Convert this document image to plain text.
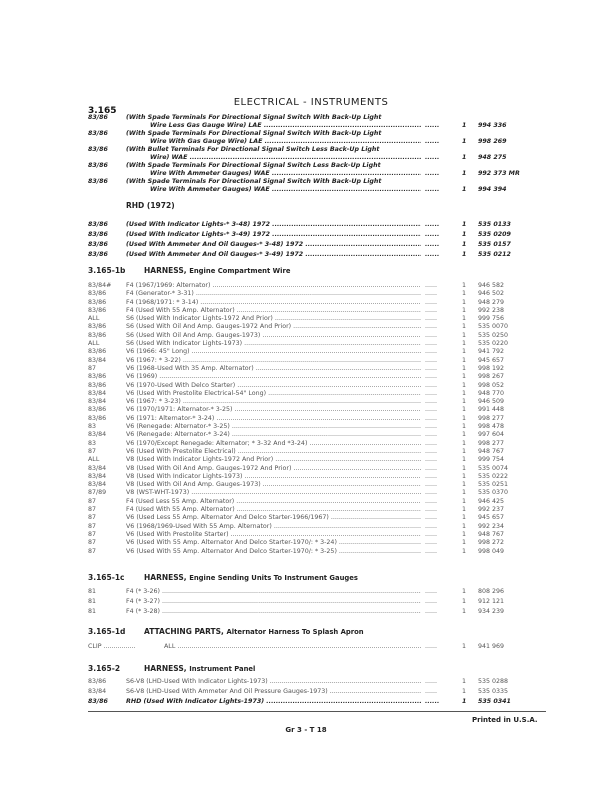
3.165
ELECTRICAL - INSTRUMENTS
83/86	(With Spade Terminals For Directional Signal Switch With Back-Up Light
Wire Less Gas Gauge Wire) LAE .....	......	1 994 336
83/86	(With Spade Terminals For Directional Signal Switch With Back-Up Light
Wire With Gas Gauge Wire) LAE .....	......	1 998 269
83/86	(With Bullet Terminals For Directional Signal Switch Less Back-Up Light
Wire) WAE .....	......	1 948 275
83/86	(With Spade Terminals For Directional Signal Switch Less Back-Up Light
Wire With Ammeter Gauges) WAE .....	......	1 992 373 MR
83/86	(With Spade Terminals For Directional Signal Switch With Back-Up Light
Wire With Ammeter Gauges) WAE .....	......	1 994 394
RHD (1972)
83/86	(Used With Indicator Lights-* 3-48) 1972 .....	......	1 535 0133
83/86	(Used With Indicator Lights-* 3-49) 1972 .....	......	1 535 0209
83/86	(Used With Ammeter And Oil Gauges-* 3-48) 1972 .....	......	1 535 0157
83/86	(Used With Ammeter And Oil Gauges-* 3-49) 1972 .....	......	1 535 0212
3.165-1b HARNESS, Engine Compartment Wire
83/84#	F4 (1967/1969: Alternator) .....	......	1 946 582
83/86	F4 (Generator-* 3-31) .....	......	1 946 502
83/86	F4 (1968/1971: * 3-14) .....	......	1 948 279
83/86	F4 (Used With 55 Amp. Alternator) .....	......	1 992 238
ALL	S6 (Used With Indicator Lights-1972 And Prior) .....	......	1 999 756
83/86	S6 (Used With Oil And Amp. Gauges-1972 And Prior) .....	......	1 535 0070
83/86	S6 (Used With Oil And Amp. Gauges-1973) .....	......	1 535 0250
ALL	S6 (Used With Indicator Lights-1973) .....	......	1 535 0220
83/86	V6 (1966: 45" Long) .....	......	1 941 792
83/84	V6 (1967: * 3-22) .....	......	1 945 657
87	V6 (1968-Used With 35 Amp. Alternator) .....	......	1 998 192
83/86	V6 (1969) .....	......	1 998 267
83/86	V6 (1970-Used With Delco Starter) .....	......	1 998 052
83/84	V6 (Used With Prestolite Electrical-54" Long) .....	......	1 948 770
83/84	V6 (1967: * 3-23) .....	......	1 946 509
83/86	V6 (1970/1971: Alternator-* 3-25) .....	......	1 991 448
83/86	V6 (1971: Alternator-* 3-24) .....	......	1 998 277
83	V6 (Renegade: Alternator-* 3-25) .....	......	1 998 478
83/84	V6 (Renegade: Alternator-* 3-24) .....	......	1 997 604
83	V6 (1970/Except Renegade: Alternator; * 3-32 And *3-24) .....	......	1 998 277
87	V6 (Used With Prestolite Electrical) .....	......	1 948 767
ALL	V8 (Used With Indicator Lights-1972 And Prior) .....	......	1 999 754
83/84	V8 (Used With Oil And Amp. Gauges-1972 And Prior) .....	......	1 535 0074
83/84	V8 (Used With Indicator Lights-1973) .....	......	1 535 0222
83/84	V8 (Used With Oil And Amp. Gauges-1973) .....	......	1 535 0251
87/89	V8 (WST-WHT-1973) .....	......	1 535 0370
87	F4 (Used Less 55 Amp. Alternator) .....	......	1 946 425
87	F4 (Used With 55 Amp. Alternator) .....	......	1 992 237
87	V6 (Used Less 55 Amp. Alternator And Delco Starter-1966/1967) .....	......	1 945 657
87	V6 (1968/1969-Used With 55 Amp. Alternator) .....	......	1 992 234
87	V6 (Used With Prestolite Starter) .....	......	1 948 767
87	V6 (Used With 55 Amp. Alternator And Delco Starter-1970/: * 3-24) .....	......	1 998 272
87	V6 (Used With 55 Amp. Alternator And Delco Starter-1970/: * 3-25) .....	......	1 998 049
3.165-1c	HARNESS, Engine Sending Units To Instrument Gauges
81	F4 (* 3-26) .....	......	1 808 296
81	F4 (* 3-27) .....	......	1 912 121
81	F4 (* 3-28) .....	......	1 934 239
3.165-1d ATTACHING PARTS, Alternator Harness To Splash Apron
CLIP ................	ALL .....	......	1 941 969
3.165-2	HARNESS, Instrument Panel
83/86	S6-V8 (LHD-Used With Indicator Lights-1973) .....	......	1 535 0288
83/84	S6-V8 (LHD-Used With Ammeter And Oil Pressure Gauges-1973) .....	......	1 535 0335
83/86	RHD (Used With Indicator Lights-1973) .....	......	1 535 0341
Printed in U.S.A.
Gr 3 - T 18
